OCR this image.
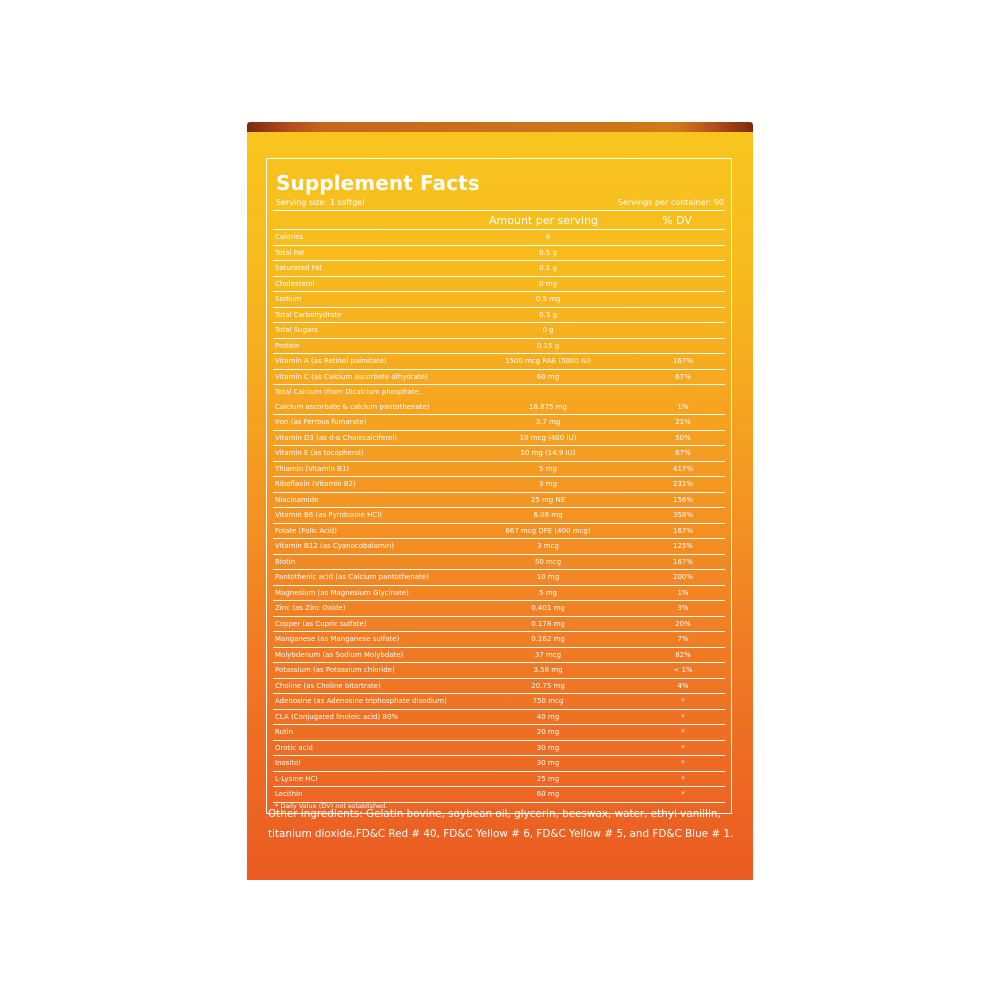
Supplement Facts
Serving size: 1 softgel	Servings per container: 90
Amount per serving	% DV
Calories	6
Total Fat	0.5 g
Saturated Fat	0.1 g
Cholesterol	0 mg
Sodium	0.5 mg
Total Carbohydrate	0.3 g
Total Sugars	0 g
Protein	0.15 g
Vitamin A (as Retinol palmitate)	1500 mcg RAE (5000 IU)	167%
Vitamin C (as Calcium ascorbate dihydrate)	60 mg	67%
Total Calcium (from Dicalcium phosphate,
Calcium ascorbate & calcium pantothenate)	18.875 mg	1%
Iron (as Ferrous fumarate)	3.7 mg	21%
Vitamin D3 (as d-α Cholecalciferol)	10 mcg (400 IU)	50%
Vitamin E (as tocopherol)	10 mg (14.9 IU)	67%
Thiamin (Vitamin B1)	5 mg	417%
Riboflavin (Vitamin B2)	3 mg	231%
Niacinamide	25 mg NE	156%
Vitamin B6 (as Pyridoxine HCl)	6.08 mg	358%
Folate (Folic Acid)	667 mcg DFE (400 mcg)	167%
Vitamin B12 (as Cyanocobalamin)	3 mcg	125%
Biotin	50 mcg	167%
Pantothenic acid (as Calcium pantothenate)	10 mg	200%
Magnesium (as Magnesium Glycinate)	5 mg	1%
Zinc (as Zinc Oxide)	0.401 mg	3%
Copper (as Cupric sulfate)	0.178 mg	20%
Manganese (as Manganese sulfate)	0.162 mg	7%
Molybdenum (as Sodium Molybdate)	37 mcg	82%
Potassium (as Potassium chloride)	3.58 mg	< 1%
Choline (as Choline bitartrate)	20.75 mg	4%
Adenosine (as Adenosine triphosphate disodium)	750 mcg	*
CLA (Conjugated linoleic acid) 80%	40 mg	*
Rutin	20 mg	*
Orotic acid	30 mg	*
Inositol	30 mg	*
L-Lysine HCl	25 mg	*
Lecithin	60 mg	*
* Daily Value (DV) not established.
Other ingredients: Gelatin bovine, soybean oil, glycerin, beeswax, water, ethyl vanillin, titanium dioxide,FD&C Red # 40, FD&C Yellow # 6, FD&C Yellow # 5, and FD&C Blue # 1.
